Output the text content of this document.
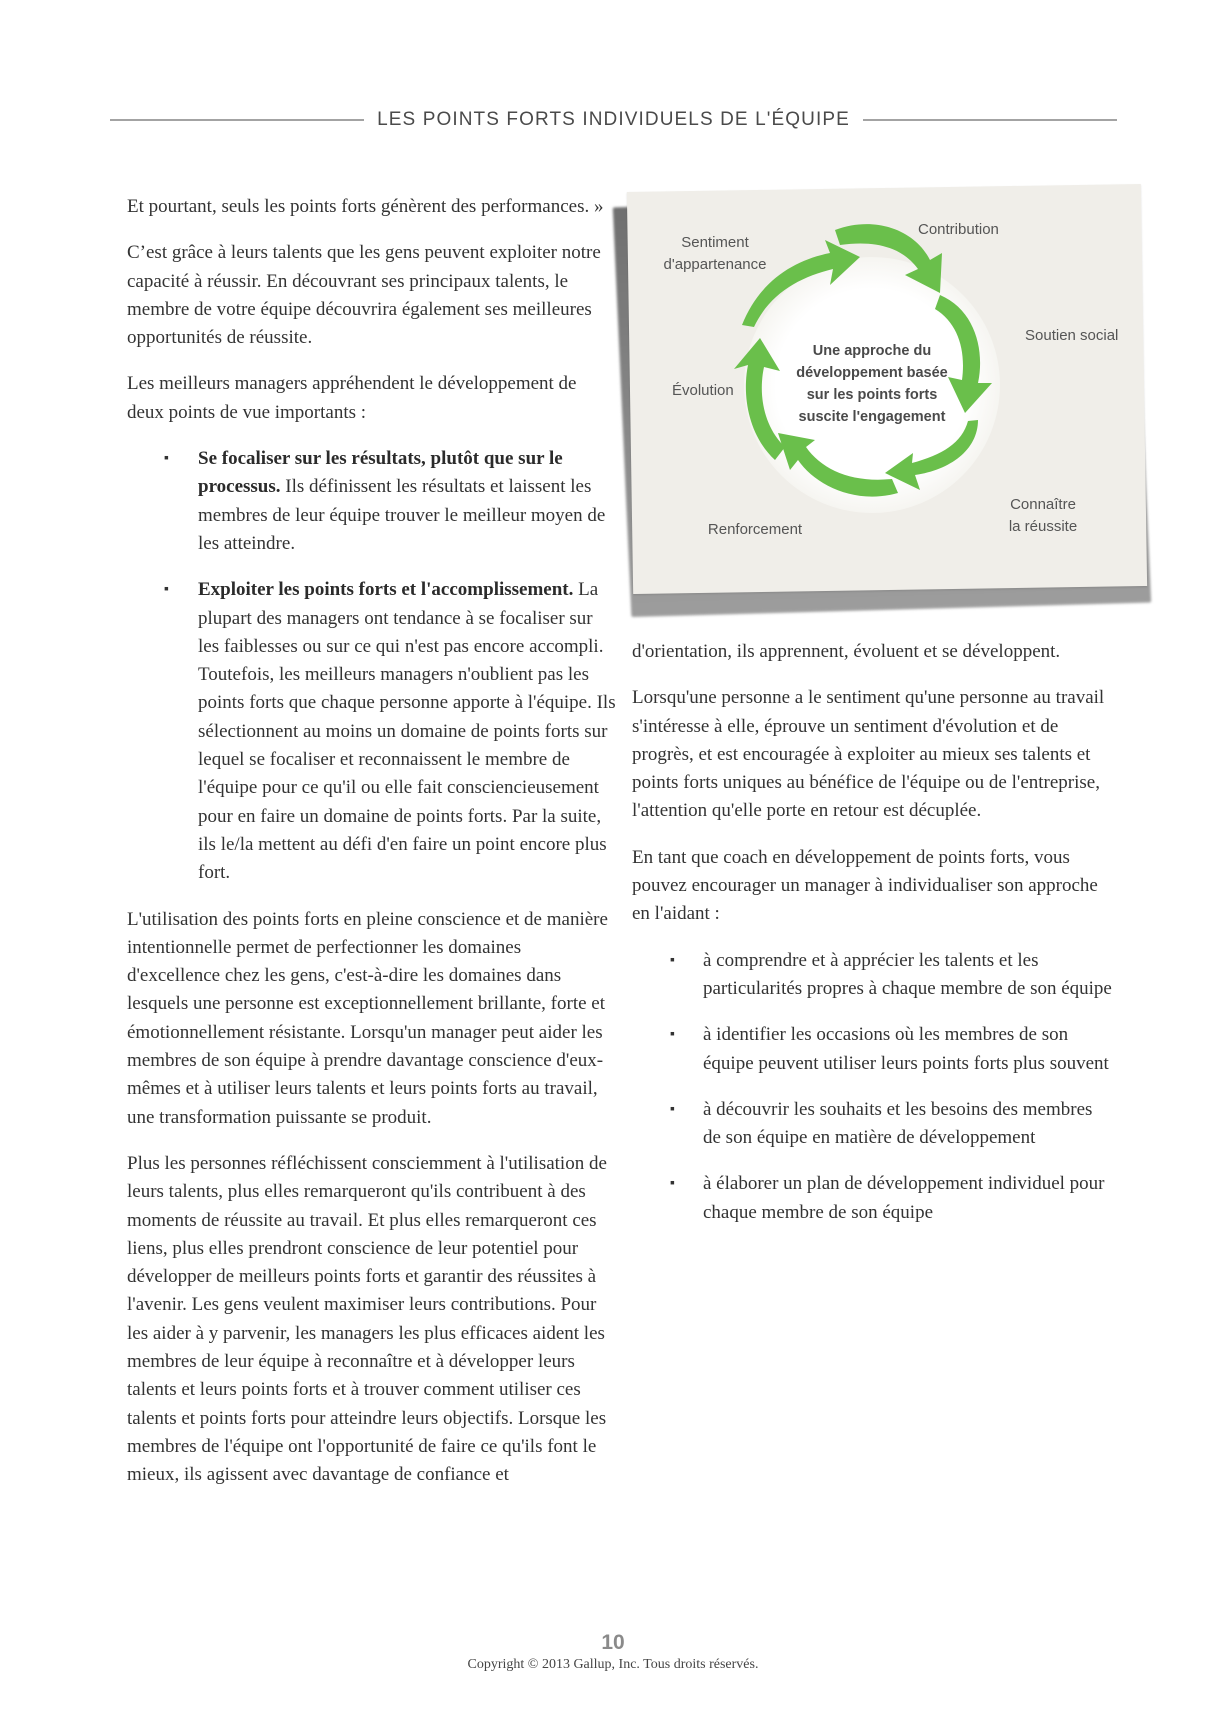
LES POINTS FORTS INDIVIDUELS DE L'ÉQUIPE

Et pourtant, seuls les points forts génèrent des performances. »

C’est grâce à leurs talents que les gens peuvent exploiter notre capacité à réussir. En découvrant ses principaux talents, le membre de votre équipe découvrira également ses meilleures opportunités de réussite.

Les meilleurs managers appréhendent le développement de deux points de vue importants :

▪ Se focaliser sur les résultats, plutôt que sur le processus. Ils définissent les résultats et laissent les membres de leur équipe trouver le meilleur moyen de les atteindre.
▪ Exploiter les points forts et l'accomplissement. La plupart des managers ont tendance à se focaliser sur les faiblesses ou sur ce qui n'est pas encore accompli. Toutefois, les meilleurs managers n'oublient pas les points forts que chaque personne apporte à l'équipe. Ils sélectionnent au moins un domaine de points forts sur lequel se focaliser et reconnaissent le membre de l'équipe pour ce qu'il ou elle fait consciencieusement pour en faire un domaine de points forts. Par la suite, ils le/la mettent au défi d'en faire un point encore plus fort.

L'utilisation des points forts en pleine conscience et de manière intentionnelle permet de perfectionner les domaines d'excellence chez les gens, c'est-à-dire les domaines dans lesquels une personne est exceptionnellement brillante, forte et émotionnellement résistante. Lorsqu'un manager peut aider les membres de son équipe à prendre davantage conscience d'eux-mêmes et à utiliser leurs talents et leurs points forts au travail, une transformation puissante se produit.

Plus les personnes réfléchissent consciemment à l'utilisation de leurs talents, plus elles remarqueront qu'ils contribuent à des moments de réussite au travail. Et plus elles remarqueront ces liens, plus elles prendront conscience de leur potentiel pour développer de meilleurs points forts et garantir des réussites à l'avenir. Les gens veulent maximiser leurs contributions. Pour les aider à y parvenir, les managers les plus efficaces aident les membres de leur équipe à reconnaître et à développer leurs talents et leurs points forts et à trouver comment utiliser ces talents et points forts pour atteindre leurs objectifs. Lorsque les membres de l'équipe ont l'opportunité de faire ce qu'ils font le mieux, ils agissent avec davantage de confiance et

Une approche du
développement basée
sur les points forts
suscite l'engagement
Contribution
Soutien social
Connaître
la réussite
Renforcement
Évolution
Sentiment
d'appartenance

d'orientation, ils apprennent, évoluent et se développent.

Lorsqu'une personne a le sentiment qu'une personne au travail s'intéresse à elle, éprouve un sentiment d'évolution et de progrès, et est encouragée à exploiter au mieux ses talents et points forts uniques au bénéfice de l'équipe ou de l'entreprise, l'attention qu'elle porte en retour est décuplée.

En tant que coach en développement de points forts, vous pouvez encourager un manager à individualiser son approche en l'aidant :

▪ à comprendre et à apprécier les talents et les particularités propres à chaque membre de son équipe
▪ à identifier les occasions où les membres de son équipe peuvent utiliser leurs points forts plus souvent
▪ à découvrir les souhaits et les besoins des membres de son équipe en matière de développement
▪ à élaborer un plan de développement individuel pour chaque membre de son équipe
10
Copyright © 2013 Gallup, Inc. Tous droits réservés.
